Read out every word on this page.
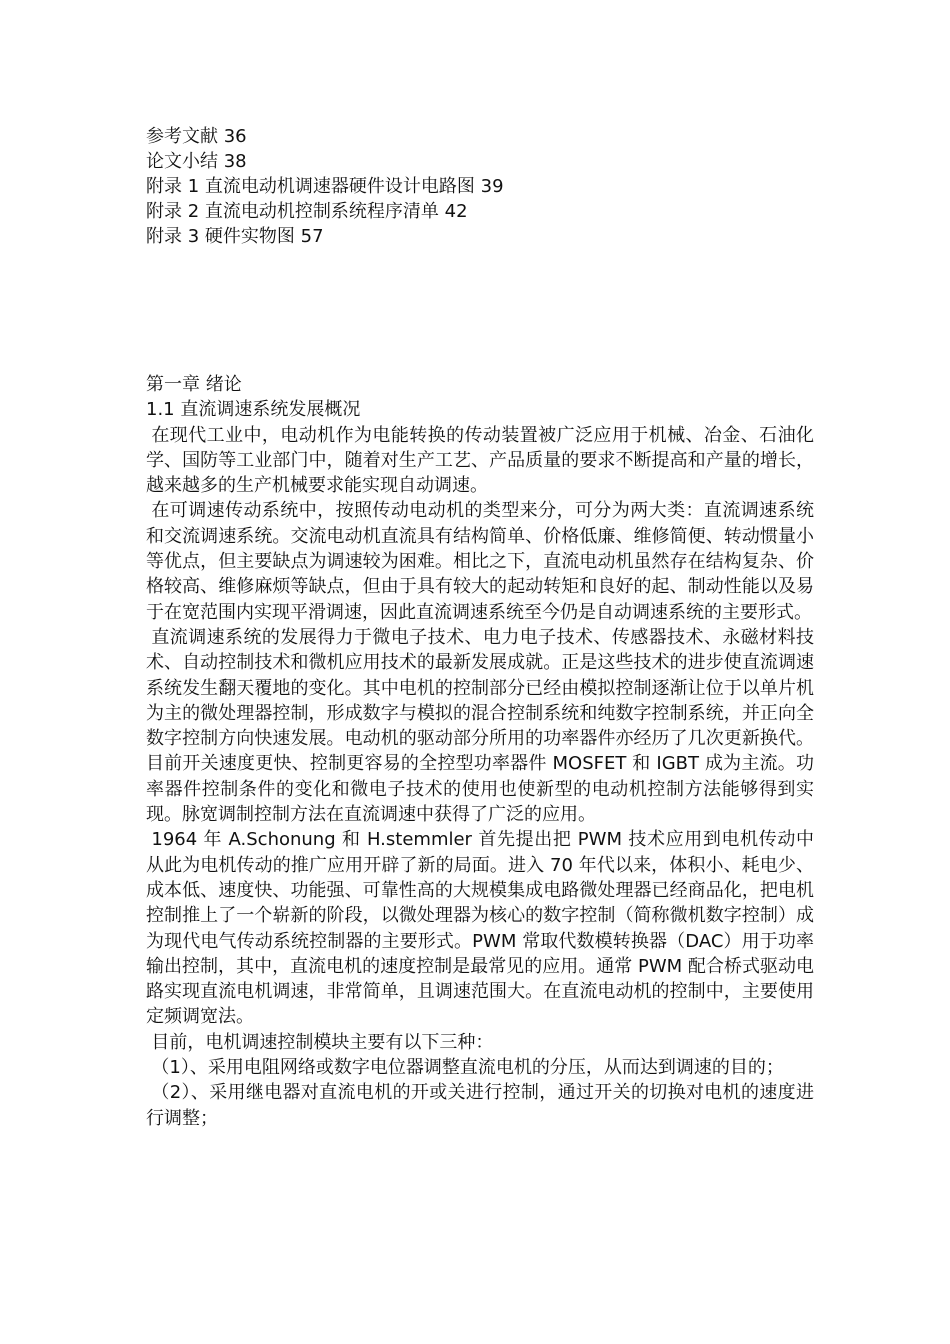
参考文献 36
论文小结 38
附录 1 直流电动机调速器硬件设计电路图 39
附录 2 直流电动机控制系统程序清单 42
附录 3 硬件实物图 57
第一章 绪论
1.1 直流调速系统发展概况

在现代工业中，电动机作为电能转换的传动装置被广泛应用于机械、冶金、石油化学、国防等工业部门中，随着对生产工艺、产品质量的要求不断提高和产量的增长，越来越多的生产机械要求能实现自动调速。

在可调速传动系统中，按照传动电动机的类型来分，可分为两大类：直流调速系统和交流调速系统。交流电动机直流具有结构简单、价格低廉、维修简便、转动惯量小等优点，但主要缺点为调速较为困难。相比之下，直流电动机虽然存在结构复杂、价格较高、维修麻烦等缺点，但由于具有较大的起动转矩和良好的起、制动性能以及易于在宽范围内实现平滑调速，因此直流调速系统至今仍是自动调速系统的主要形式。

直流调速系统的发展得力于微电子技术、电力电子技术、传感器技术、永磁材料技术、自动控制技术和微机应用技术的最新发展成就。正是这些技术的进步使直流调速系统发生翻天覆地的变化。其中电机的控制部分已经由模拟控制逐渐让位于以单片机为主的微处理器控制，形成数字与模拟的混合控制系统和纯数字控制系统，并正向全数字控制方向快速发展。电动机的驱动部分所用的功率器件亦经历了几次更新换代。目前开关速度更快、控制更容易的全控型功率器件 MOSFET 和 IGBT 成为主流。功率器件控制条件的变化和微电子技术的使用也使新型的电动机控制方法能够得到实现。脉宽调制控制方法在直流调速中获得了广泛的应用。

1964 年 A.Schonung 和 H.stemmler 首先提出把 PWM 技术应用到电机传动中从此为电机传动的推广应用开辟了新的局面。进入 70 年代以来，体积小、耗电少、成本低、速度快、功能强、可靠性高的大规模集成电路微处理器已经商品化，把电机控制推上了一个崭新的阶段，以微处理器为核心的数字控制（简称微机数字控制）成为现代电气传动系统控制器的主要形式。PWM 常取代数模转换器（DAC）用于功率输出控制，其中，直流电机的速度控制是最常见的应用。通常 PWM 配合桥式驱动电路实现直流电机调速，非常简单，且调速范围大。在直流电动机的控制中，主要使用定频调宽法。

目前，电机调速控制模块主要有以下三种：

（1）、采用电阻网络或数字电位器调整直流电机的分压，从而达到调速的目的；

（2）、采用继电器对直流电机的开或关进行控制，通过开关的切换对电机的速度进行调整；
